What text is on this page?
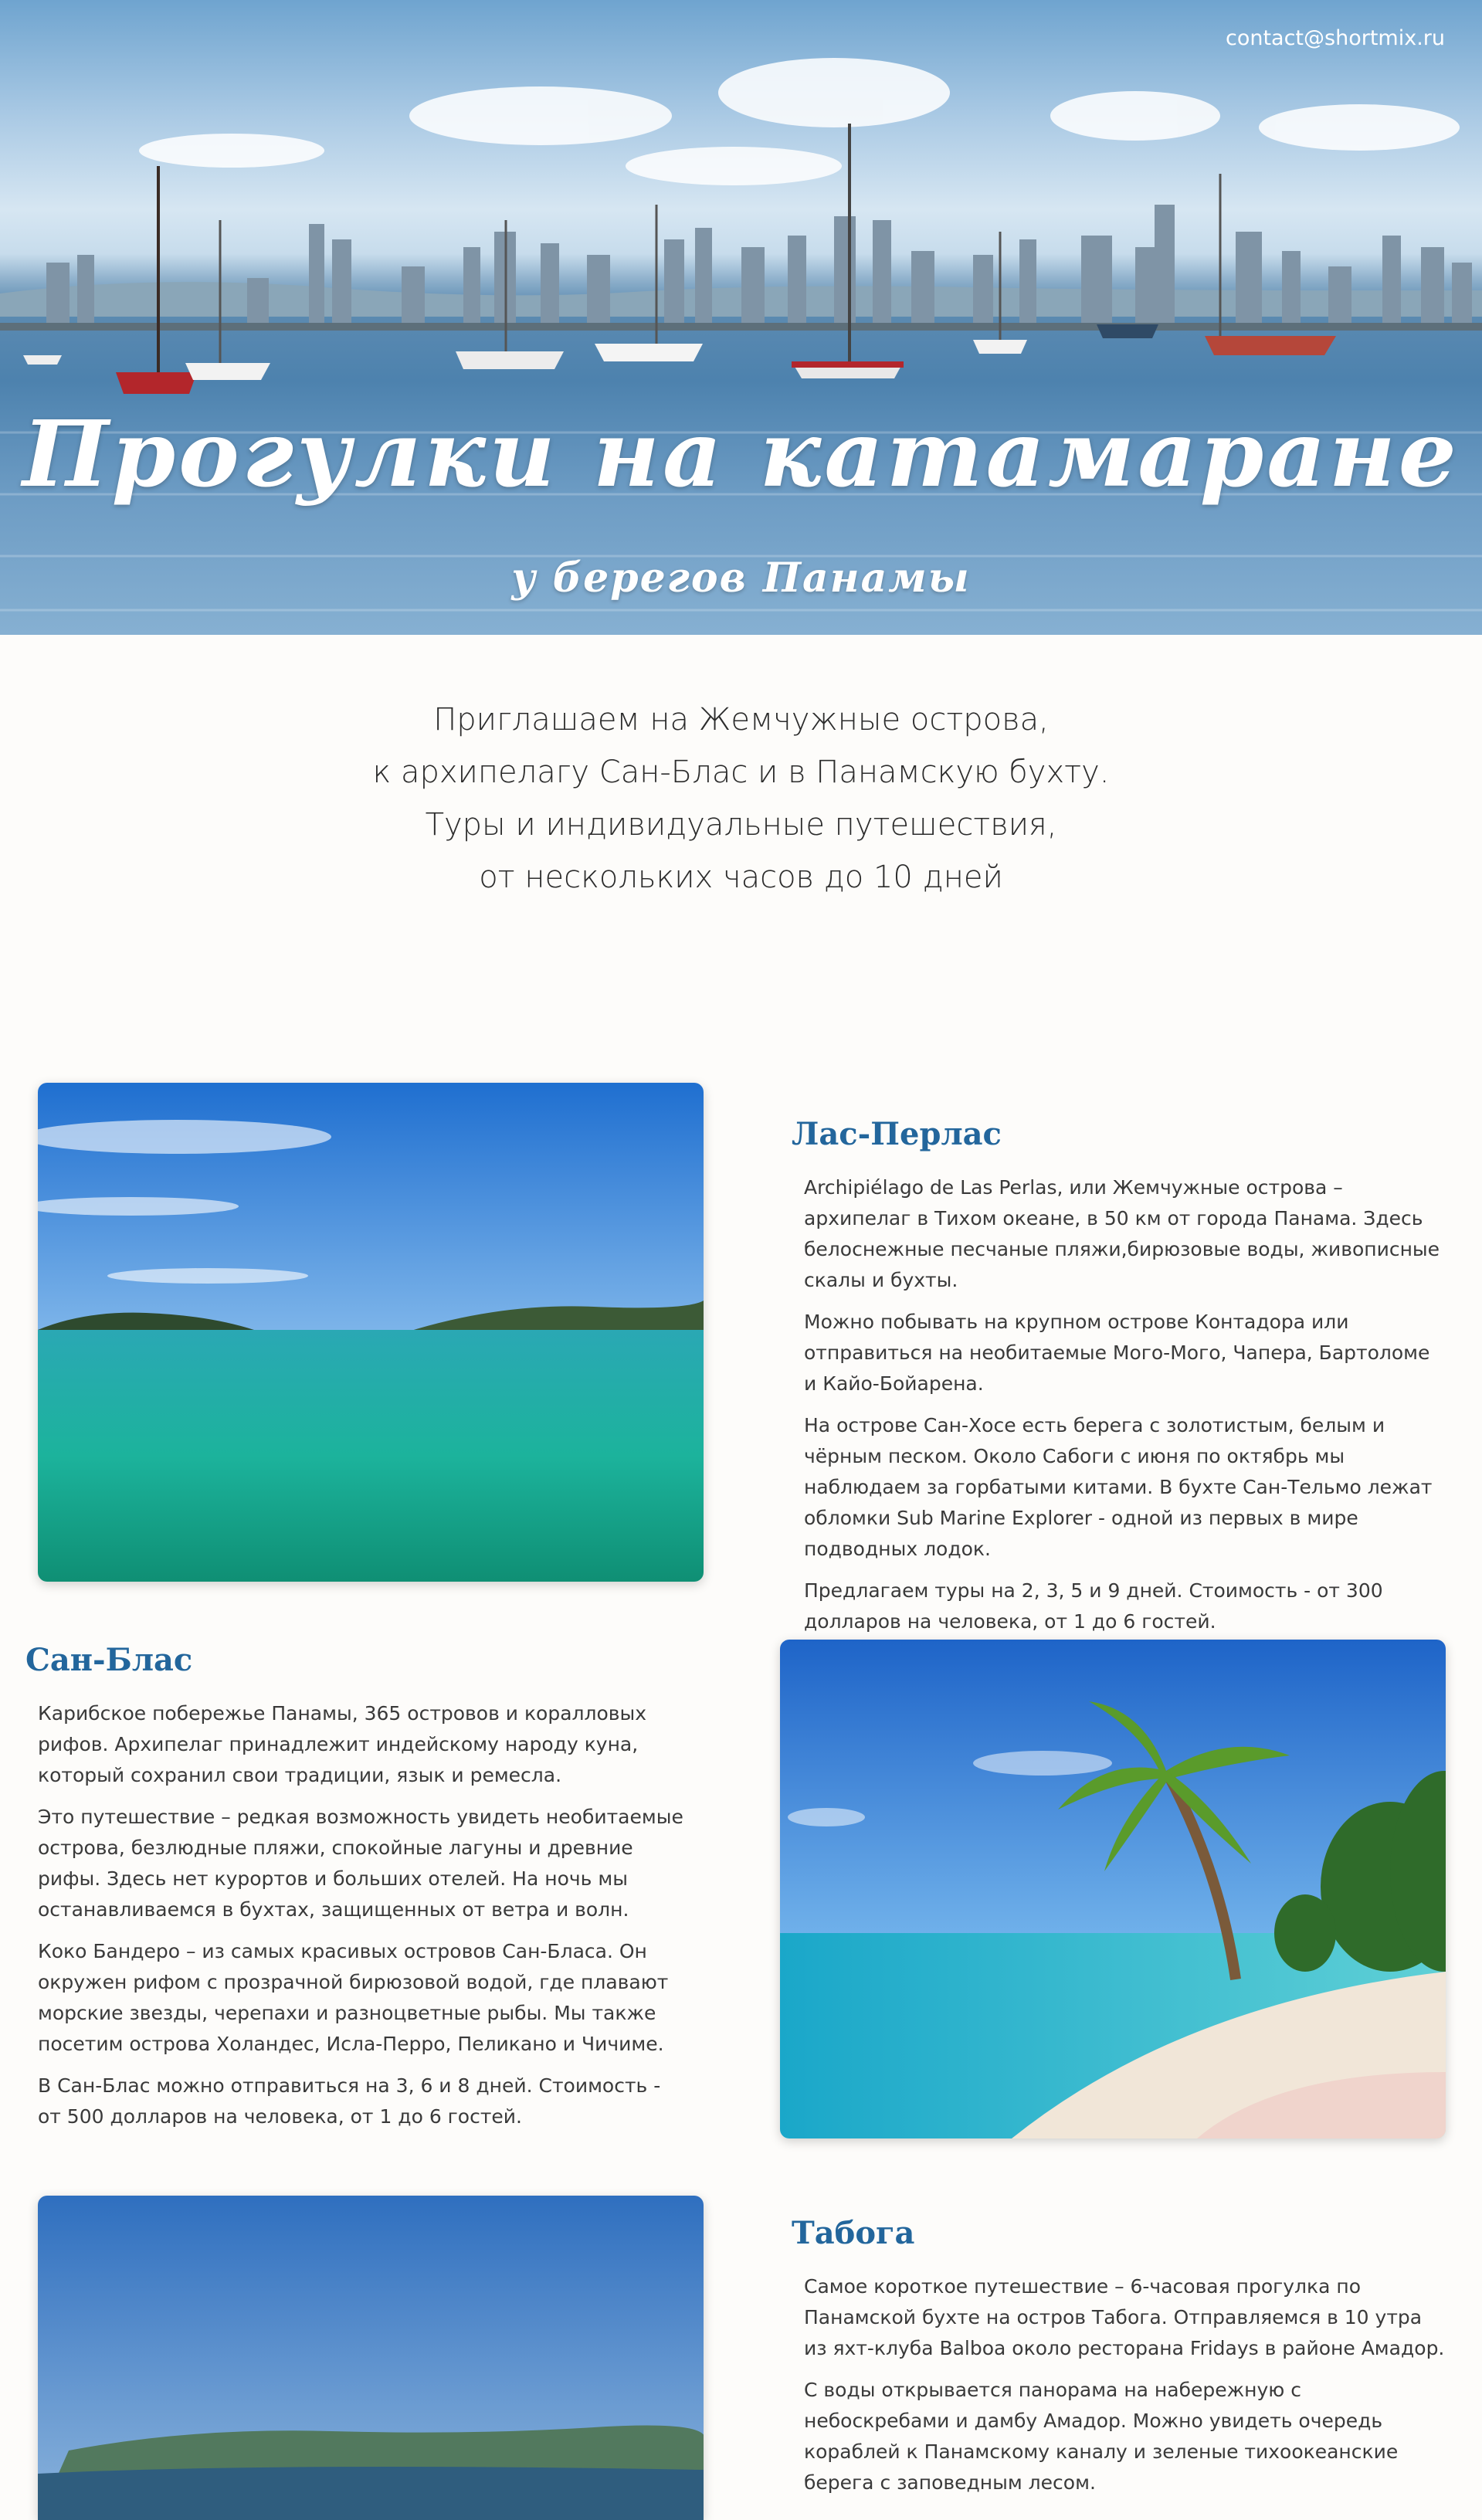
contact@shortmix.ru
Прогулки на катамаране
у берегов Панамы

Приглашаем на Жемчужные острова,

к архипелагу Сан-Блас и в Панамскую бухту.

Туры и индивидуальные путешествия,

от нескольких часов до 10 дней

Лас-Перлас

Archipiélago de Las Perlas, или Жемчужные острова – архипелаг в Тихом океане, в 50 км от города Панама. Здесь белоснежные песчаные пляжи,бирюзовые воды, живописные скалы и бухты.

Можно побывать на крупном острове Контадора или отправиться на необитаемые Мого-Мого, Чапера, Бартоломе и Кайо-Бойарена.

На острове Сан-Хосе есть берега с золотистым, белым и чёрным песком. Около Сабоги с июня по октябрь мы наблюдаем за горбатыми китами. В бухте Сан-Тельмо лежат обломки Sub Marine Explorer - одной из первых в мире подводных лодок.

Предлагаем туры на 2, 3, 5 и 9 дней. Стоимость - от 300 долларов на человека, от 1 до 6 гостей.

Сан-Блас

Карибское побережье Панамы, 365 островов и коралловых рифов. Архипелаг принадлежит индейскому народу куна, который сохранил свои традиции, язык и ремесла.

Это путешествие – редкая возможность увидеть необитаемые острова, безлюдные пляжи, спокойные лагуны и древние рифы. Здесь нет курортов и больших отелей. На ночь мы останавливаемся в бухтах, защищенных от ветра и волн.

Коко Бандеро – из самых красивых островов Сан-Бласа. Он окружен рифом с прозрачной бирюзовой водой, где плавают морские звезды, черепахи и разноцветные рыбы. Мы также посетим острова Холандес, Исла-Перро, Пеликано и Чичиме.

В Сан-Блас можно отправиться на 3, 6 и 8 дней. Стоимость - от 500 долларов на человека, от 1 до 6 гостей.

Табога

Самое короткое путешествие – 6-часовая прогулка по Панамской бухте на остров Табога. Отправляемся в 10 утра из яхт-клуба Balboa около ресторана Fridays в районе Амадор.

С воды открывается панорама на набережную с небоскребами и дамбу Амадор. Можно увидеть очередь кораблей к Панамскому каналу и зеленые тихоокеанские берега с заповедным лесом.
